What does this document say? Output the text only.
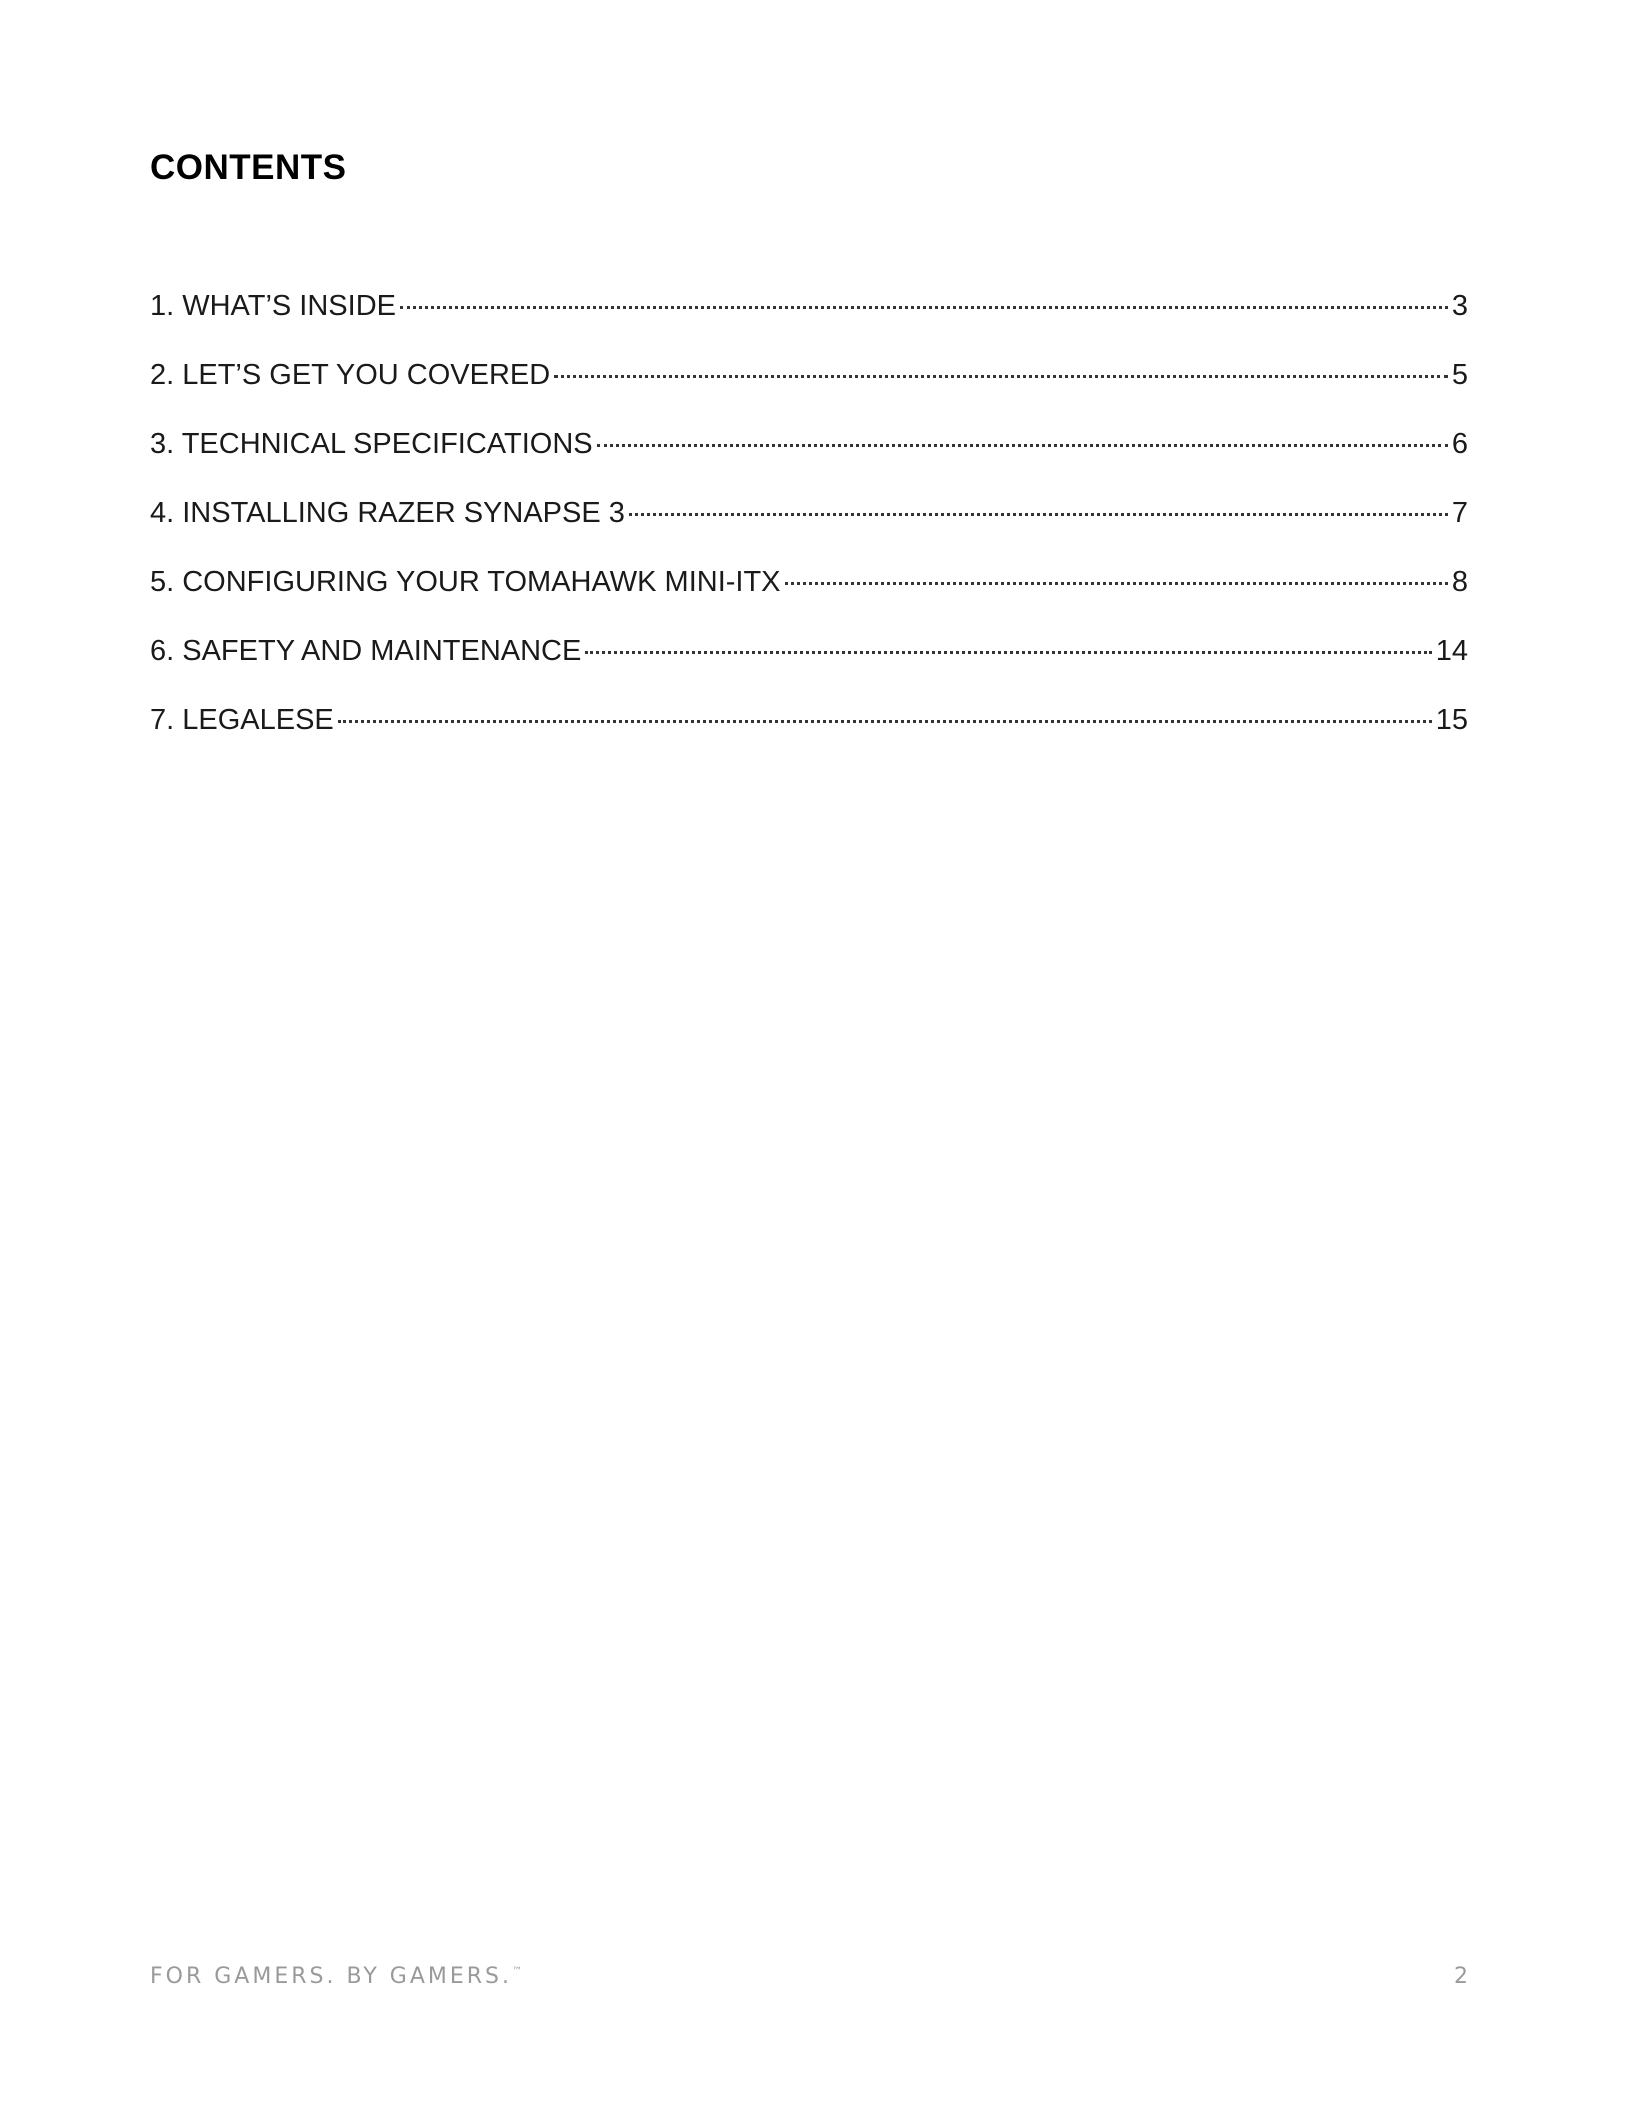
CONTENTS
1. WHAT’S INSIDE	3
2. LET’S GET YOU COVERED	5
3. TECHNICAL SPECIFICATIONS	6
4. INSTALLING RAZER SYNAPSE 3	7
5. CONFIGURING YOUR TOMAHAWK MINI-ITX	8
6. SAFETY AND MAINTENANCE	14
7. LEGALESE	15
FOR GAMERS. BY GAMERS.™	2
